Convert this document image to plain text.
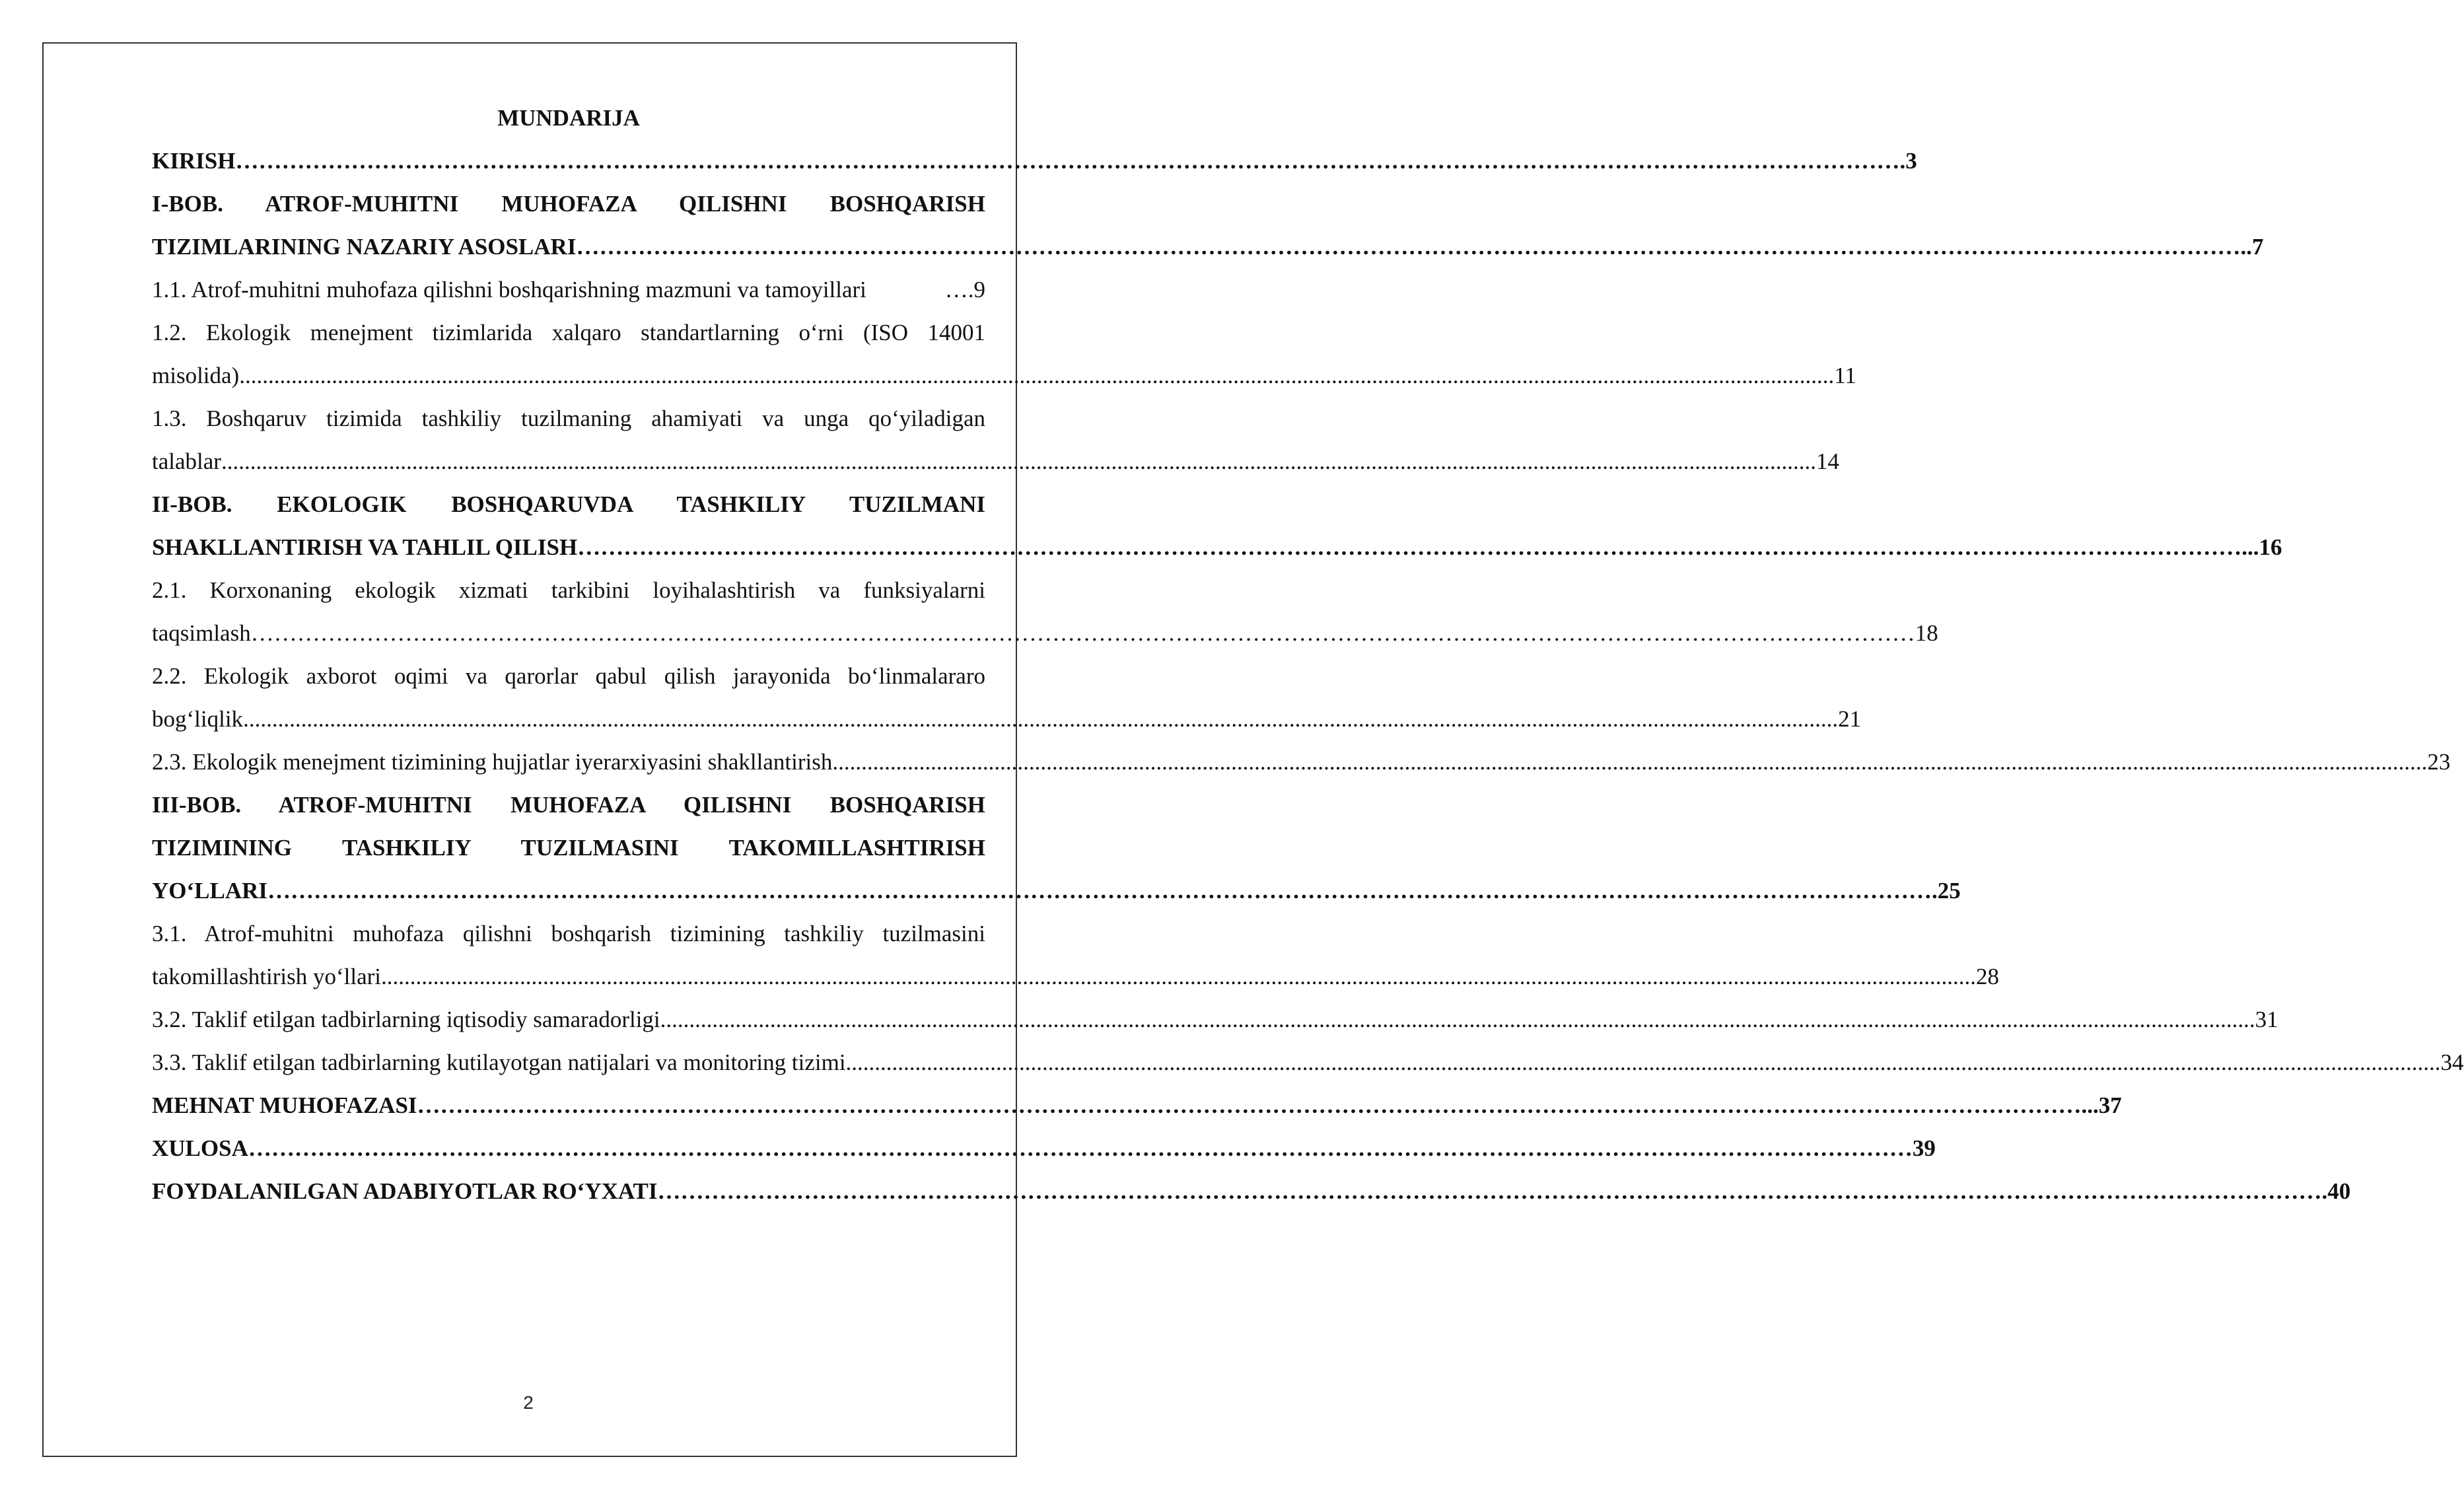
MUNDARIJA
KIRISH ……………………………………………………………………………………………………………………………………………………………………………………………… .3
I-BOB. ATROF-MUHITNI MUHOFAZA QILISHNI BOSHQARISH
TIZIMLARINING NAZARIY ASOSLARI ……………………………………………………………………………………………………………………………………………………………………………………………… ..7
1.1. Atrof-muhitni muhofaza qilishni boshqarishning mazmuni va tamoyillari	….9
1.2. Ekologik menejment tizimlarida xalqaro standartlarning o‘rni (ISO 14001
misolida) .................................................................................................................................................................................................................................................................................... 11
1.3. Boshqaruv tizimida tashkiliy tuzilmaning ahamiyati va unga qo‘yiladigan
talablar .................................................................................................................................................................................................................................................................................... 14
II-BOB. EKOLOGIK BOSHQARUVDA TASHKILIY TUZILMANI
SHAKLLANTIRISH VA TAHLIL QILISH ……………………………………………………………………………………………………………………………………………………………………………………………… ...16
2.1. Korxonaning ekologik xizmati tarkibini loyihalashtirish va funksiyalarni
taqsimlash ……………………………………………………………………………………………………………………………………………………………………………………………… 18
2.2. Ekologik axborot oqimi va qarorlar qabul qilish jarayonida bo‘linmalararo
bog‘liqlik .................................................................................................................................................................................................................................................................................... 21
2.3. Ekologik menejment tizimining hujjatlar iyerarxiyasini shakllantirish .................................................................................................................................................................................................................................................................................... 23
III-BOB. ATROF-MUHITNI MUHOFAZA QILISHNI BOSHQARISH
TIZIMINING TASHKILIY TUZILMASINI TAKOMILLASHTIRISH
YO‘LLARI ……………………………………………………………………………………………………………………………………………………………………………………………… .25
3.1. Atrof-muhitni muhofaza qilishni boshqarish tizimining tashkiliy tuzilmasini
takomillashtirish yo‘llari .................................................................................................................................................................................................................................................................................... 28
3.2. Taklif etilgan tadbirlarning iqtisodiy samaradorligi .................................................................................................................................................................................................................................................................................... 31
3.3. Taklif etilgan tadbirlarning kutilayotgan natijalari va monitoring tizimi .................................................................................................................................................................................................................................................................................... 34
MEHNAT MUHOFAZASI ……………………………………………………………………………………………………………………………………………………………………………………………… ...37
XULOSA ……………………………………………………………………………………………………………………………………………………………………………………………… 39
FOYDALANILGAN ADABIYOTLAR RO‘YXATI ……………………………………………………………………………………………………………………………………………………………………………………………… .40
2
